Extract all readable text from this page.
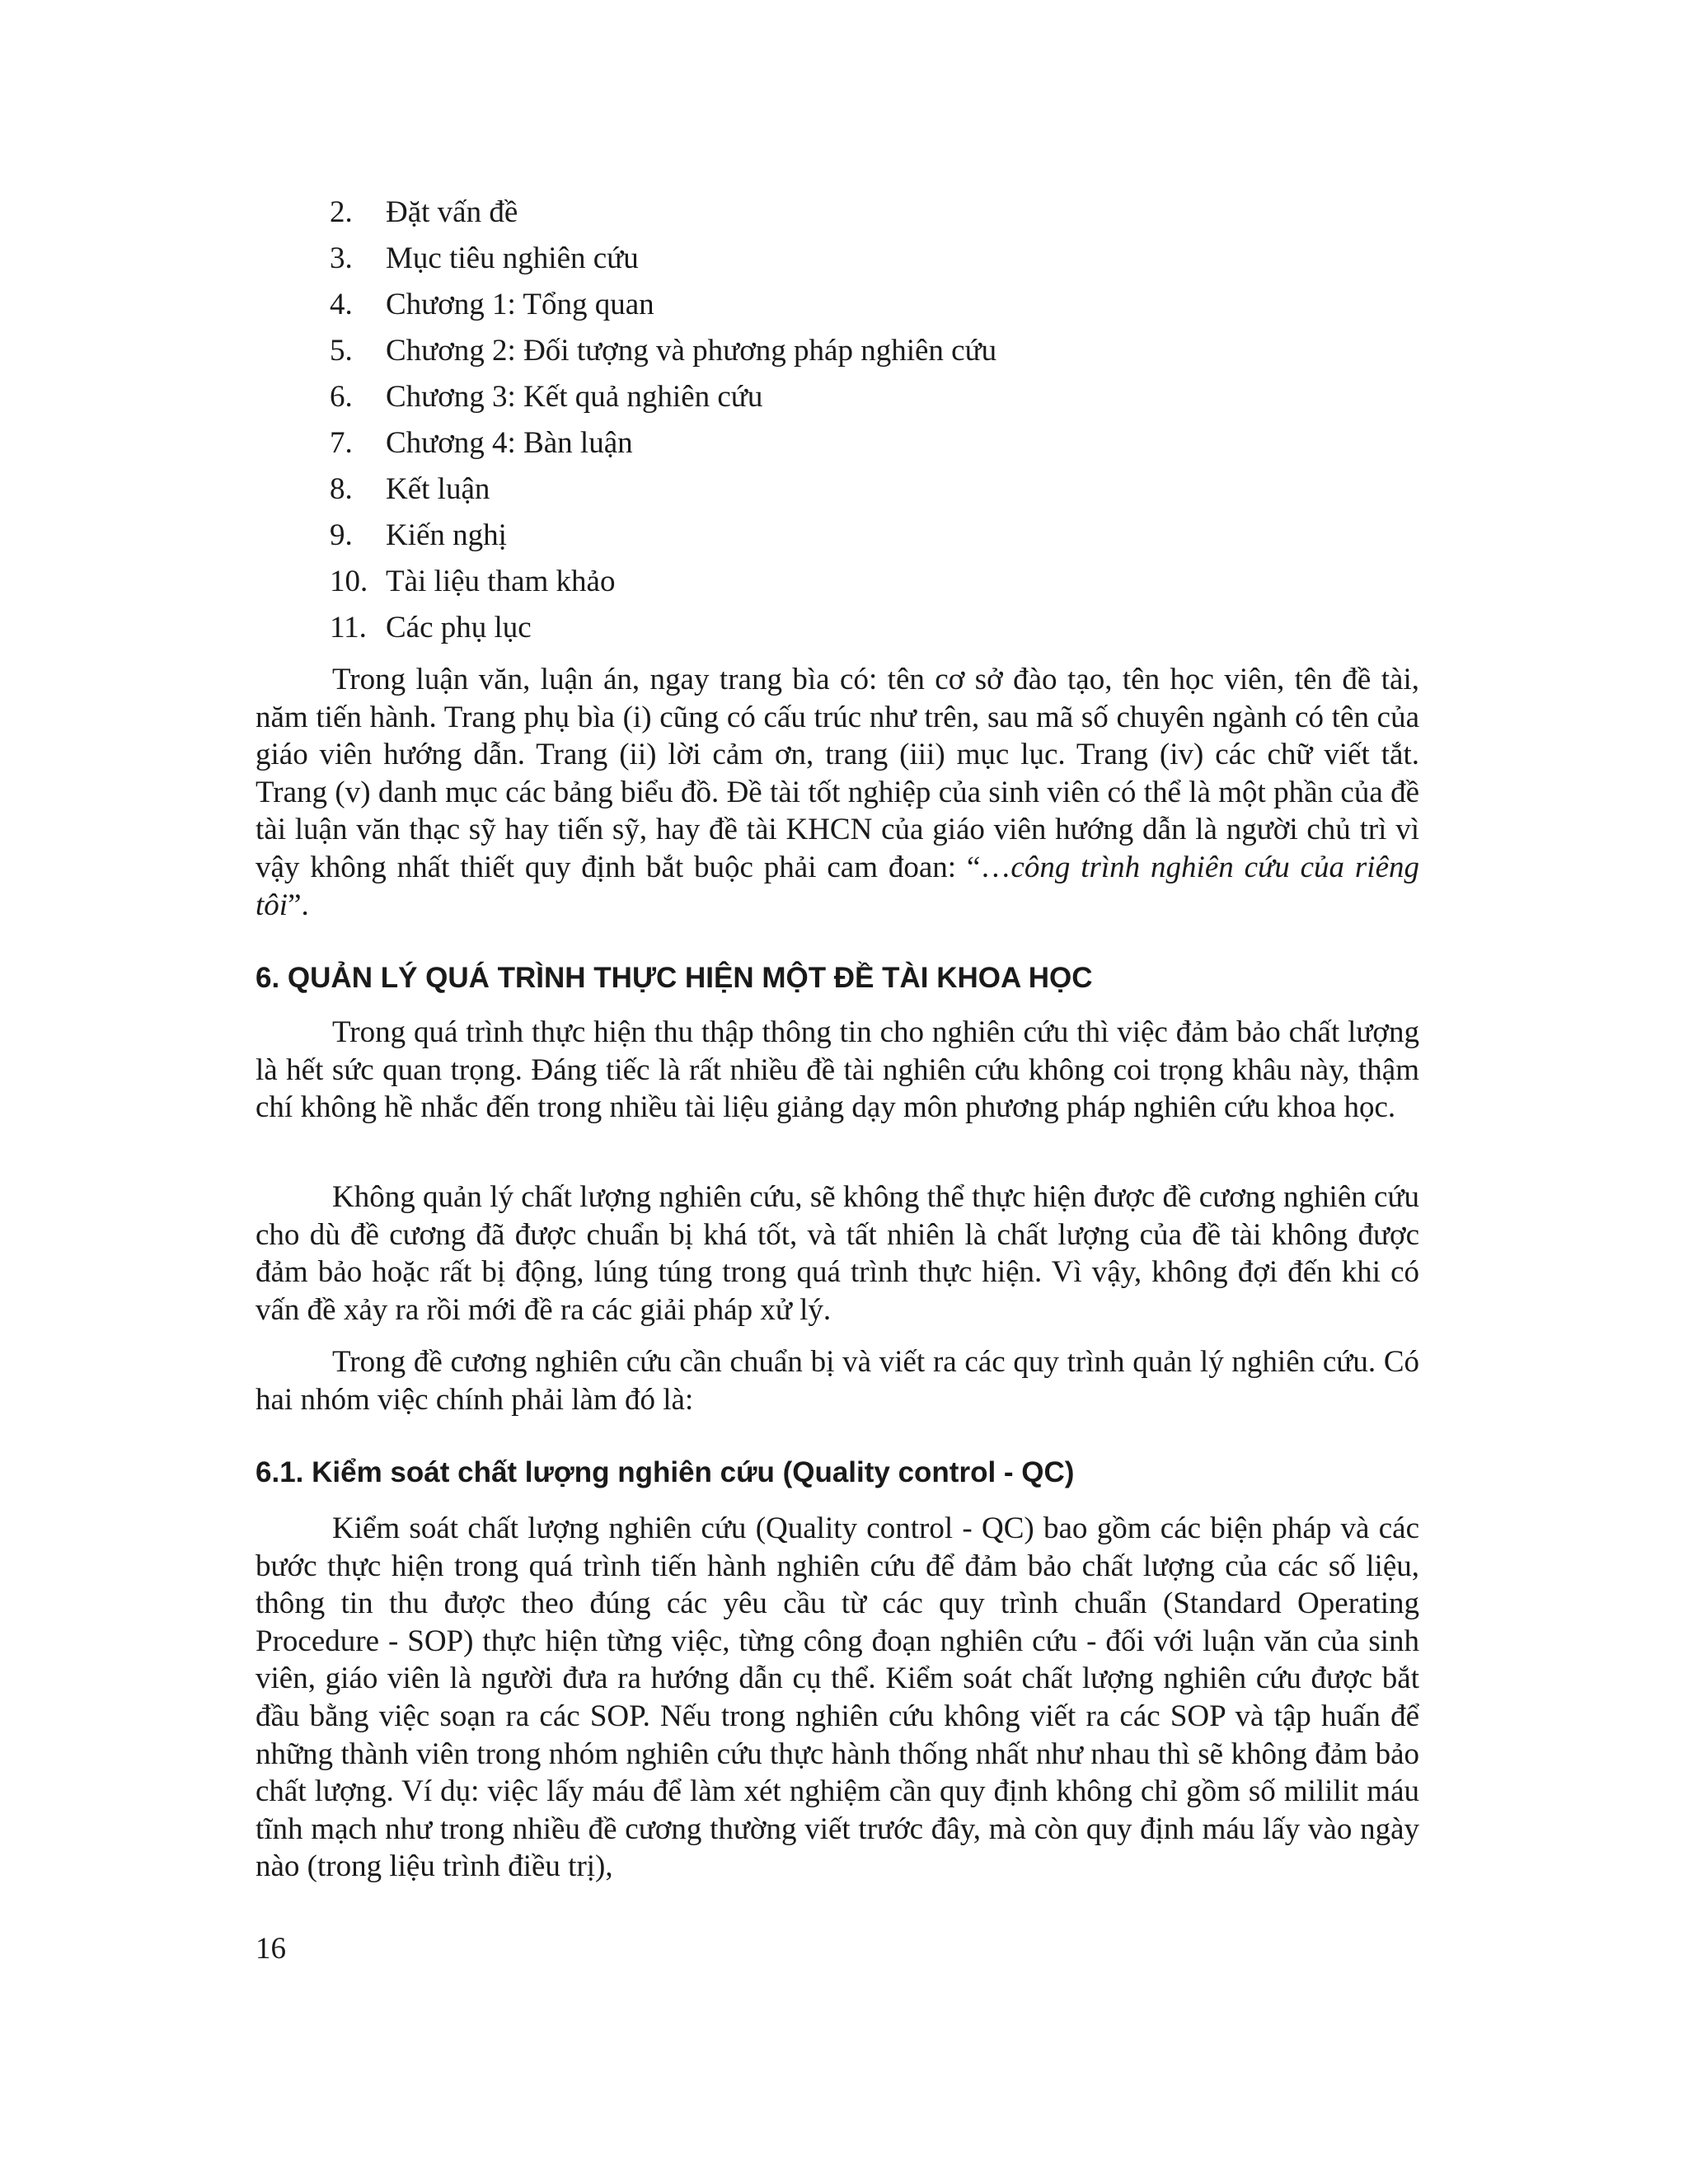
2. Đặt vấn đề
3. Mục tiêu nghiên cứu
4. Chương 1: Tổng quan
5. Chương 2: Đối tượng và phương pháp nghiên cứu
6. Chương 3: Kết quả nghiên cứu
7. Chương 4: Bàn luận
8. Kết luận
9. Kiến nghị
10. Tài liệu tham khảo
11. Các phụ lục

Trong luận văn, luận án, ngay trang bìa có: tên cơ sở đào tạo, tên học viên, tên đề tài, năm tiến hành. Trang phụ bìa (i) cũng có cấu trúc như trên, sau mã số chuyên ngành có tên của giáo viên hướng dẫn. Trang (ii) lời cảm ơn, trang (iii) mục lục. Trang (iv) các chữ viết tắt. Trang (v) danh mục các bảng biểu đồ. Đề tài tốt nghiệp của sinh viên có thể là một phần của đề tài luận văn thạc sỹ hay tiến sỹ, hay đề tài KHCN của giáo viên hướng dẫn là người chủ trì vì vậy không nhất thiết quy định bắt buộc phải cam đoan: “…công trình nghiên cứu của riêng tôi”.

6. QUẢN LÝ QUÁ TRÌNH THỰC HIỆN MỘT ĐỀ TÀI KHOA HỌC

Trong quá trình thực hiện thu thập thông tin cho nghiên cứu thì việc đảm bảo chất lượng là hết sức quan trọng. Đáng tiếc là rất nhiều đề tài nghiên cứu không coi trọng khâu này, thậm chí không hề nhắc đến trong nhiều tài liệu giảng dạy môn phương pháp nghiên cứu khoa học.

Không quản lý chất lượng nghiên cứu, sẽ không thể thực hiện được đề cương nghiên cứu cho dù đề cương đã được chuẩn bị khá tốt, và tất nhiên là chất lượng của đề tài không được đảm bảo hoặc rất bị động, lúng túng trong quá trình thực hiện. Vì vậy, không đợi đến khi có vấn đề xảy ra rồi mới đề ra các giải pháp xử lý.

Trong đề cương nghiên cứu cần chuẩn bị và viết ra các quy trình quản lý nghiên cứu. Có hai nhóm việc chính phải làm đó là:

6.1. Kiểm soát chất lượng nghiên cứu (Quality control - QC)

Kiểm soát chất lượng nghiên cứu (Quality control - QC) bao gồm các biện pháp và các bước thực hiện trong quá trình tiến hành nghiên cứu để đảm bảo chất lượng của các số liệu, thông tin thu được theo đúng các yêu cầu từ các quy trình chuẩn (Standard Operating Procedure - SOP) thực hiện từng việc, từng công đoạn nghiên cứu - đối với luận văn của sinh viên, giáo viên là người đưa ra hướng dẫn cụ thể. Kiểm soát chất lượng nghiên cứu được bắt đầu bằng việc soạn ra các SOP. Nếu trong nghiên cứu không viết ra các SOP và tập huấn để những thành viên trong nhóm nghiên cứu thực hành thống nhất như nhau thì sẽ không đảm bảo chất lượng. Ví dụ: việc lấy máu để làm xét nghiệm cần quy định không chỉ gồm số mililit máu tĩnh mạch như trong nhiều đề cương thường viết trước đây, mà còn quy định máu lấy vào ngày nào (trong liệu trình điều trị),

16
